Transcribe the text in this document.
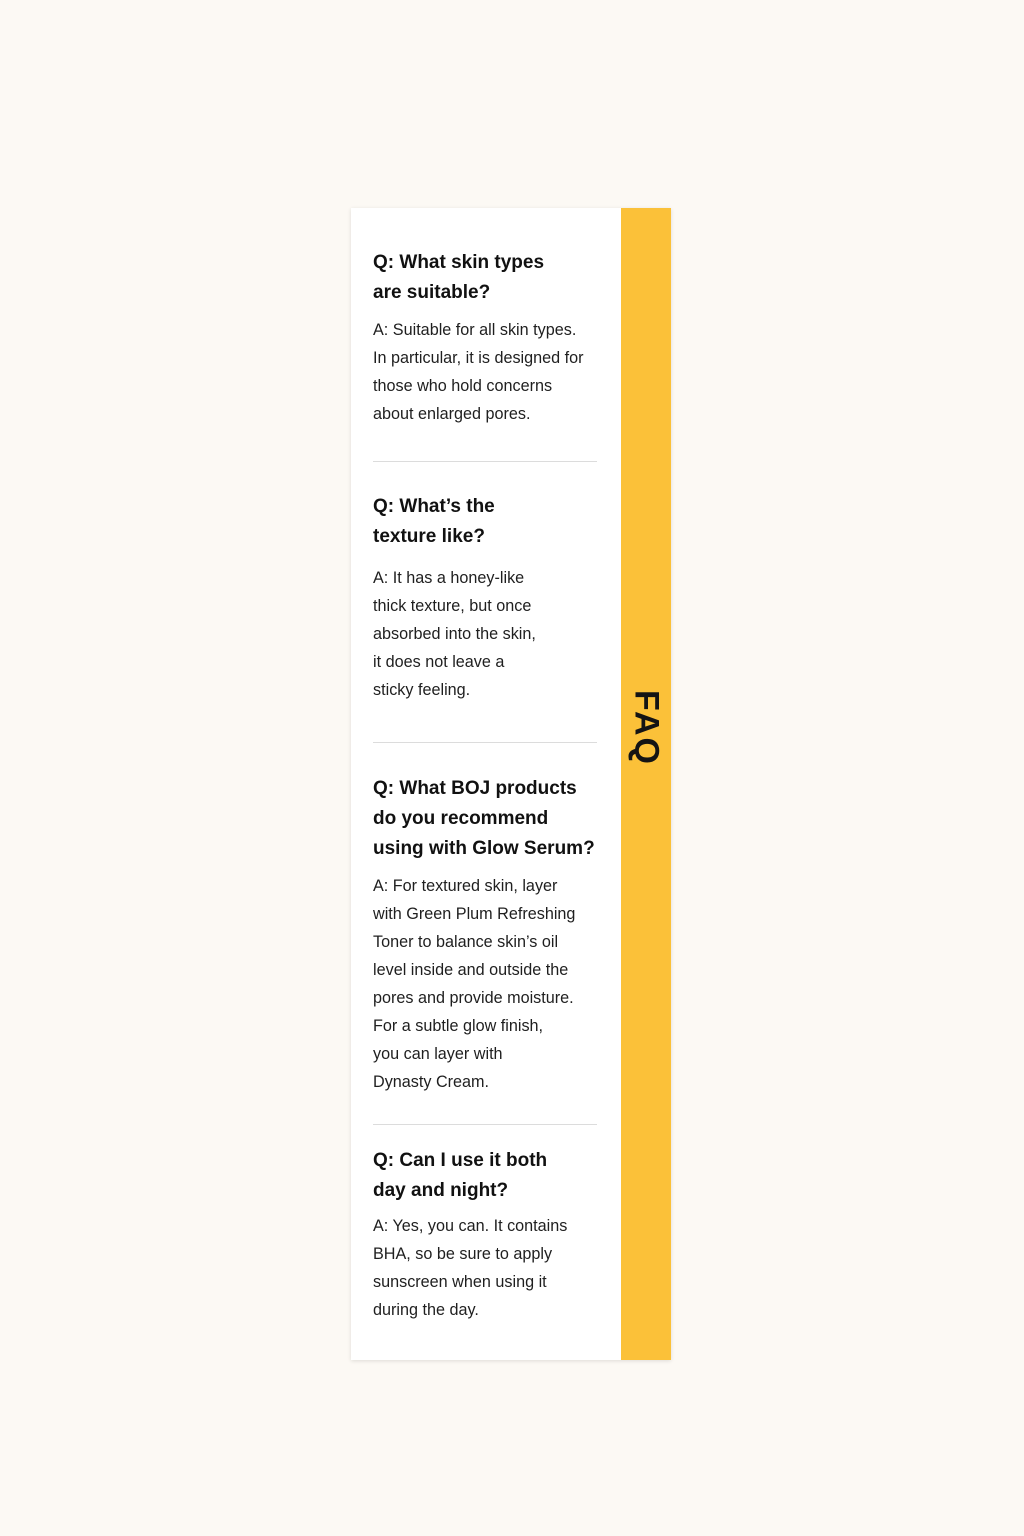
Q: What skin types
are suitable?

A: Suitable for all skin types.
In particular, it is designed for
those who hold concerns
about enlarged pores.

Q: What’s the
texture like?

A: It has a honey-like
thick texture, but once
absorbed into the skin,
it does not leave a
sticky feeling.

Q: What BOJ products
do you recommend
using with Glow Serum?

A: For textured skin, layer
with Green Plum Refreshing
Toner to balance skin’s oil
level inside and outside the
pores and provide moisture.
For a subtle glow finish,
you can layer with
Dynasty Cream.

Q: Can I use it both
day and night?

A: Yes, you can. It contains
BHA, so be sure to apply
sunscreen when using it
during the day.

FAQ
